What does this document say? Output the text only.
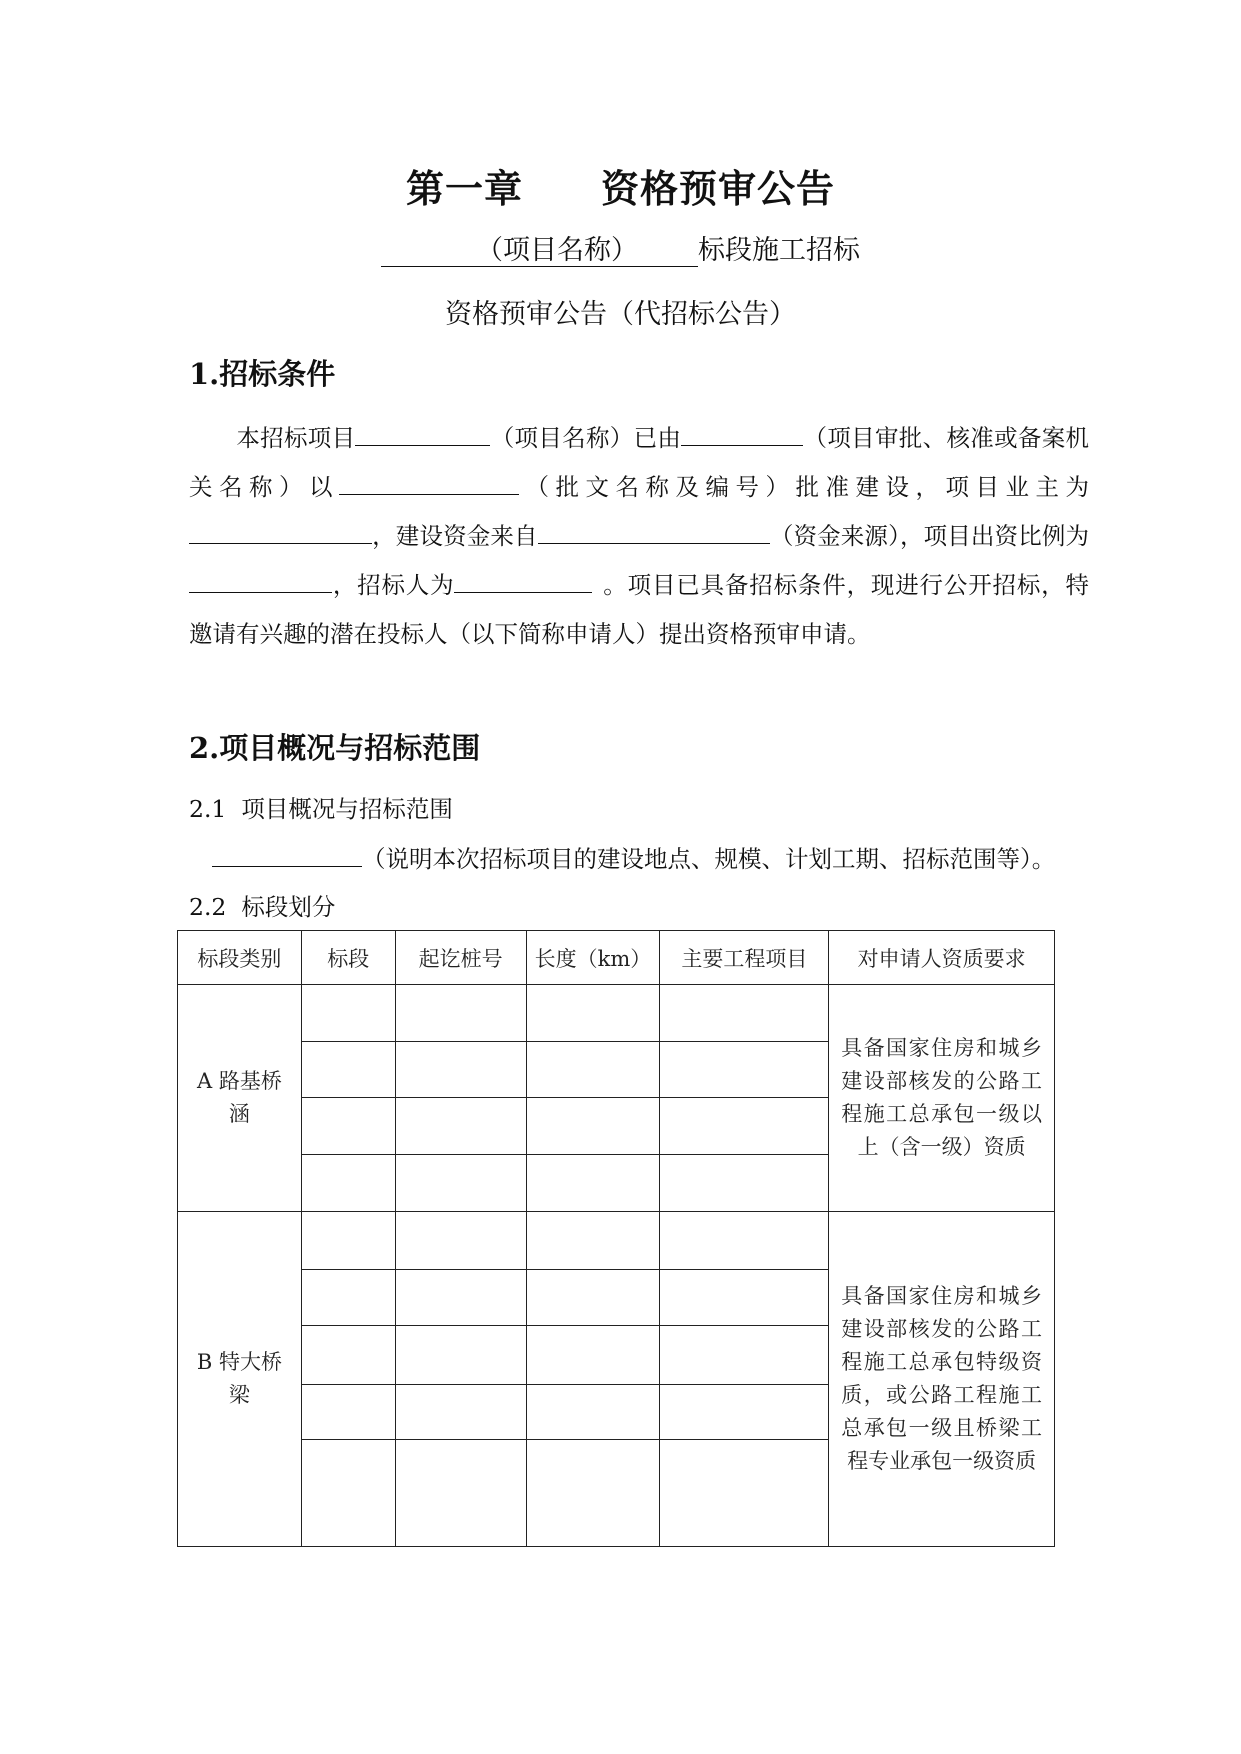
第一章　　资格预审公告
（项目名称） 标段施工招标
资格预审公告（代招标公告）
1.招标条件
本招标项目	（项目名称）已由	（项目审批、核准或备案机关名称）以	（批文名称及编号）批准建设，项目业主为，建设资金来自	（资金来源），项目出资比例为，招标人为	。项目已具备招标条件，现进行公开招标，特邀请有兴趣的潜在投标人（以下简称申请人）提出资格预审申请。
2.项目概况与招标范围
2.1  项目概况与招标范围
（说明本次招标项目的建设地点、规模、计划工期、招标范围等）。
2.2  标段划分
标段类别	标段	起讫桩号	长度（km）	主要工程项目	对申请人资质要求
A 路基桥涵					具备国家住房和城乡建设部核发的公路工程施工总承包一级以上（含一级）资质

B 特大桥梁					具备国家住房和城乡建设部核发的公路工程施工总承包特级资质，或公路工程施工总承包一级且桥梁工程专业承包一级资质
